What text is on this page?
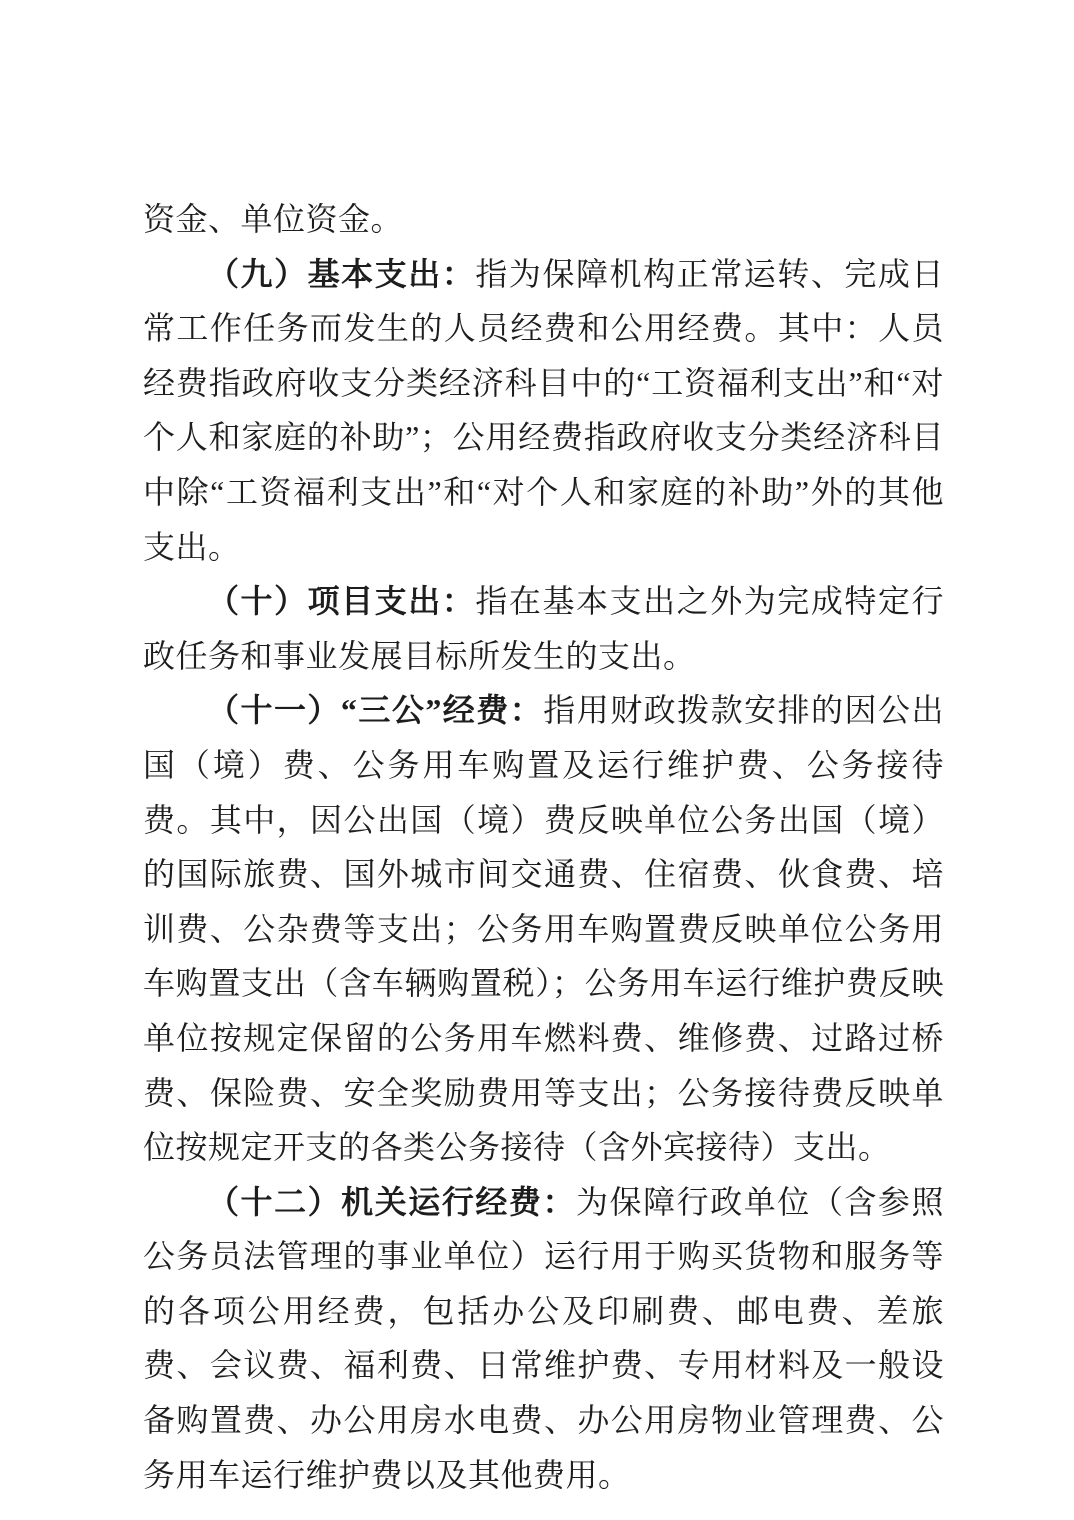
资金、单位资金。

（九）基本支出：指为保障机构正常运转、完成日常工作任务而发生的人员经费和公用经费。其中：人员经费指政府收支分类经济科目中的“工资福利支出”和“对个人和家庭的补助”；公用经费指政府收支分类经济科目中除“工资福利支出”和“对个人和家庭的补助”外的其他支出。

（十）项目支出：指在基本支出之外为完成特定行政任务和事业发展目标所发生的支出。

（十一）“三公”经费：指用财政拨款安排的因公出国（境）费、公务用车购置及运行维护费、公务接待费。其中，因公出国（境）费反映单位公务出国（境）的国际旅费、国外城市间交通费、住宿费、伙食费、培训费、公杂费等支出；公务用车购置费反映单位公务用车购置支出（含车辆购置税）；公务用车运行维护费反映单位按规定保留的公务用车燃料费、维修费、过路过桥费、保险费、安全奖励费用等支出；公务接待费反映单位按规定开支的各类公务接待（含外宾接待）支出。

（十二）机关运行经费：为保障行政单位（含参照公务员法管理的事业单位）运行用于购买货物和服务等的各项公用经费，包括办公及印刷费、邮电费、差旅费、会议费、福利费、日常维护费、专用材料及一般设备购置费、办公用房水电费、办公用房物业管理费、公务用车运行维护费以及其他费用。
